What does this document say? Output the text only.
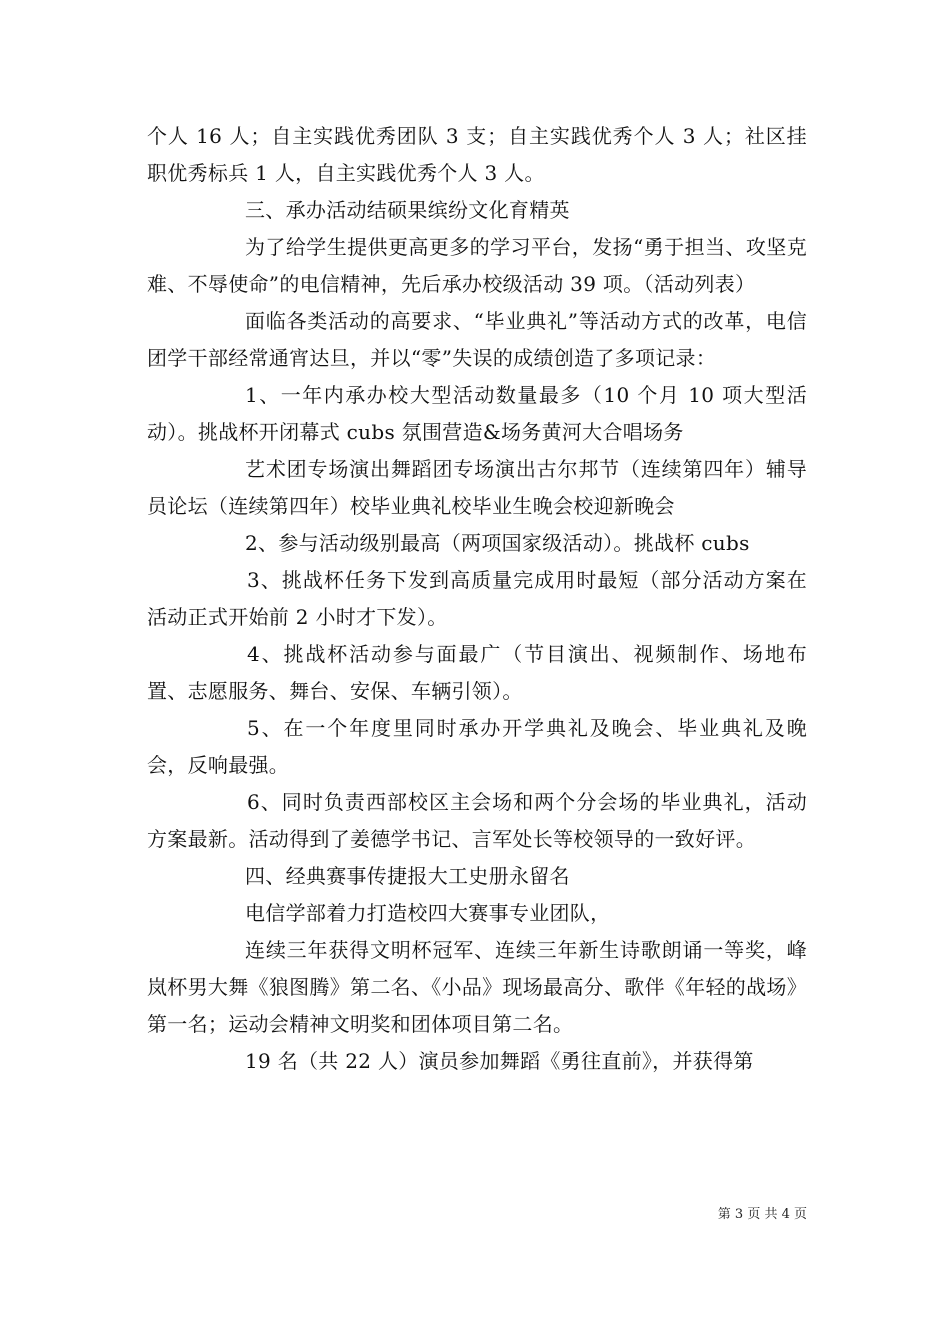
个人 16 人；自主实践优秀团队 3 支；自主实践优秀个人 3 人；社区挂职优秀标兵 1 人，自主实践优秀个人 3 人。

三、承办活动结硕果缤纷文化育精英

为了给学生提供更高更多的学习平台，发扬“勇于担当、攻坚克难、不辱使命”的电信精神，先后承办校级活动 39 项。（活动列表）

面临各类活动的高要求、“毕业典礼”等活动方式的改革，电信团学干部经常通宵达旦，并以“零”失误的成绩创造了多项记录：

1、一年内承办校大型活动数量最多（10 个月 10 项大型活动）。挑战杯开闭幕式 cubs 氛围营造&场务黄河大合唱场务

艺术团专场演出舞蹈团专场演出古尔邦节（连续第四年）辅导员论坛（连续第四年）校毕业典礼校毕业生晚会校迎新晚会

2、参与活动级别最高（两项国家级活动）。挑战杯 cubs

3、挑战杯任务下发到高质量完成用时最短（部分活动方案在活动正式开始前 2 小时才下发）。

4、挑战杯活动参与面最广（节目演出、视频制作、场地布置、志愿服务、舞台、安保、车辆引领）。

5、在一个年度里同时承办开学典礼及晚会、毕业典礼及晚会，反响最强。

6、同时负责西部校区主会场和两个分会场的毕业典礼，活动方案最新。活动得到了姜德学书记、言军处长等校领导的一致好评。

四、经典赛事传捷报大工史册永留名

电信学部着力打造校四大赛事专业团队，

连续三年获得文明杯冠军、连续三年新生诗歌朗诵一等奖，峰岚杯男大舞《狼图腾》第二名、《小品》现场最高分、歌伴《年轻的战场》第一名；运动会精神文明奖和团体项目第二名。

19 名（共 22 人）演员参加舞蹈《勇往直前》，并获得第

第 3 页 共 4 页
